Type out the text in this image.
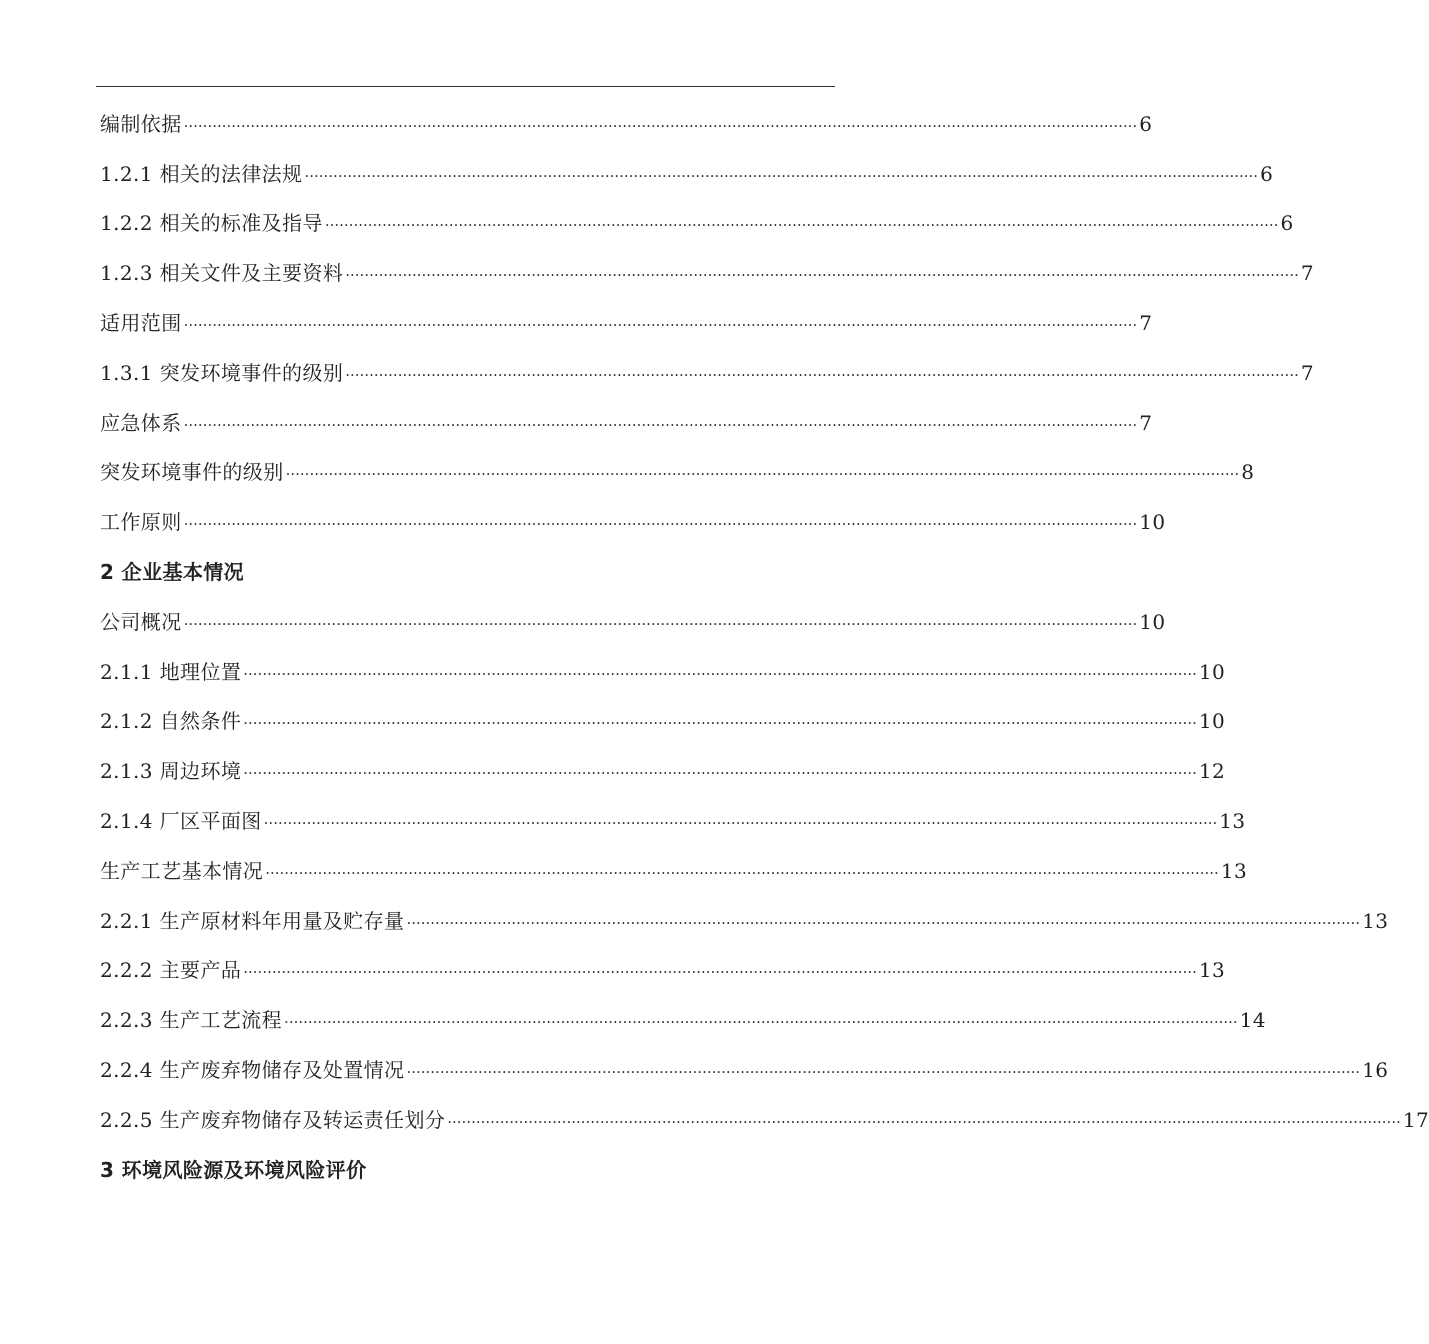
编制依据 ········································································································································································································ 6
1.2.1 相关的法律法规 ········································································································································································································ 6
1.2.2 相关的标准及指导 ········································································································································································································ 6
1.2.3 相关文件及主要资料 ········································································································································································································ 7
适用范围 ········································································································································································································ 7
1.3.1 突发环境事件的级别 ········································································································································································································ 7
应急体系 ········································································································································································································ 7
突发环境事件的级别 ········································································································································································································ 8
工作原则 ········································································································································································································ 10
2 企业基本情况
公司概况 ········································································································································································································ 10
2.1.1 地理位置 ········································································································································································································ 10
2.1.2 自然条件 ········································································································································································································ 10
2.1.3 周边环境 ········································································································································································································ 12
2.1.4 厂区平面图 ········································································································································································································ 13
生产工艺基本情况 ········································································································································································································ 13
2.2.1 生产原材料年用量及贮存量 ········································································································································································································ 13
2.2.2 主要产品 ········································································································································································································ 13
2.2.3 生产工艺流程 ········································································································································································································ 14
2.2.4 生产废弃物储存及处置情况 ········································································································································································································ 16
2.2.5 生产废弃物储存及转运责任划分 ········································································································································································································ 17
3 环境风险源及环境风险评价
